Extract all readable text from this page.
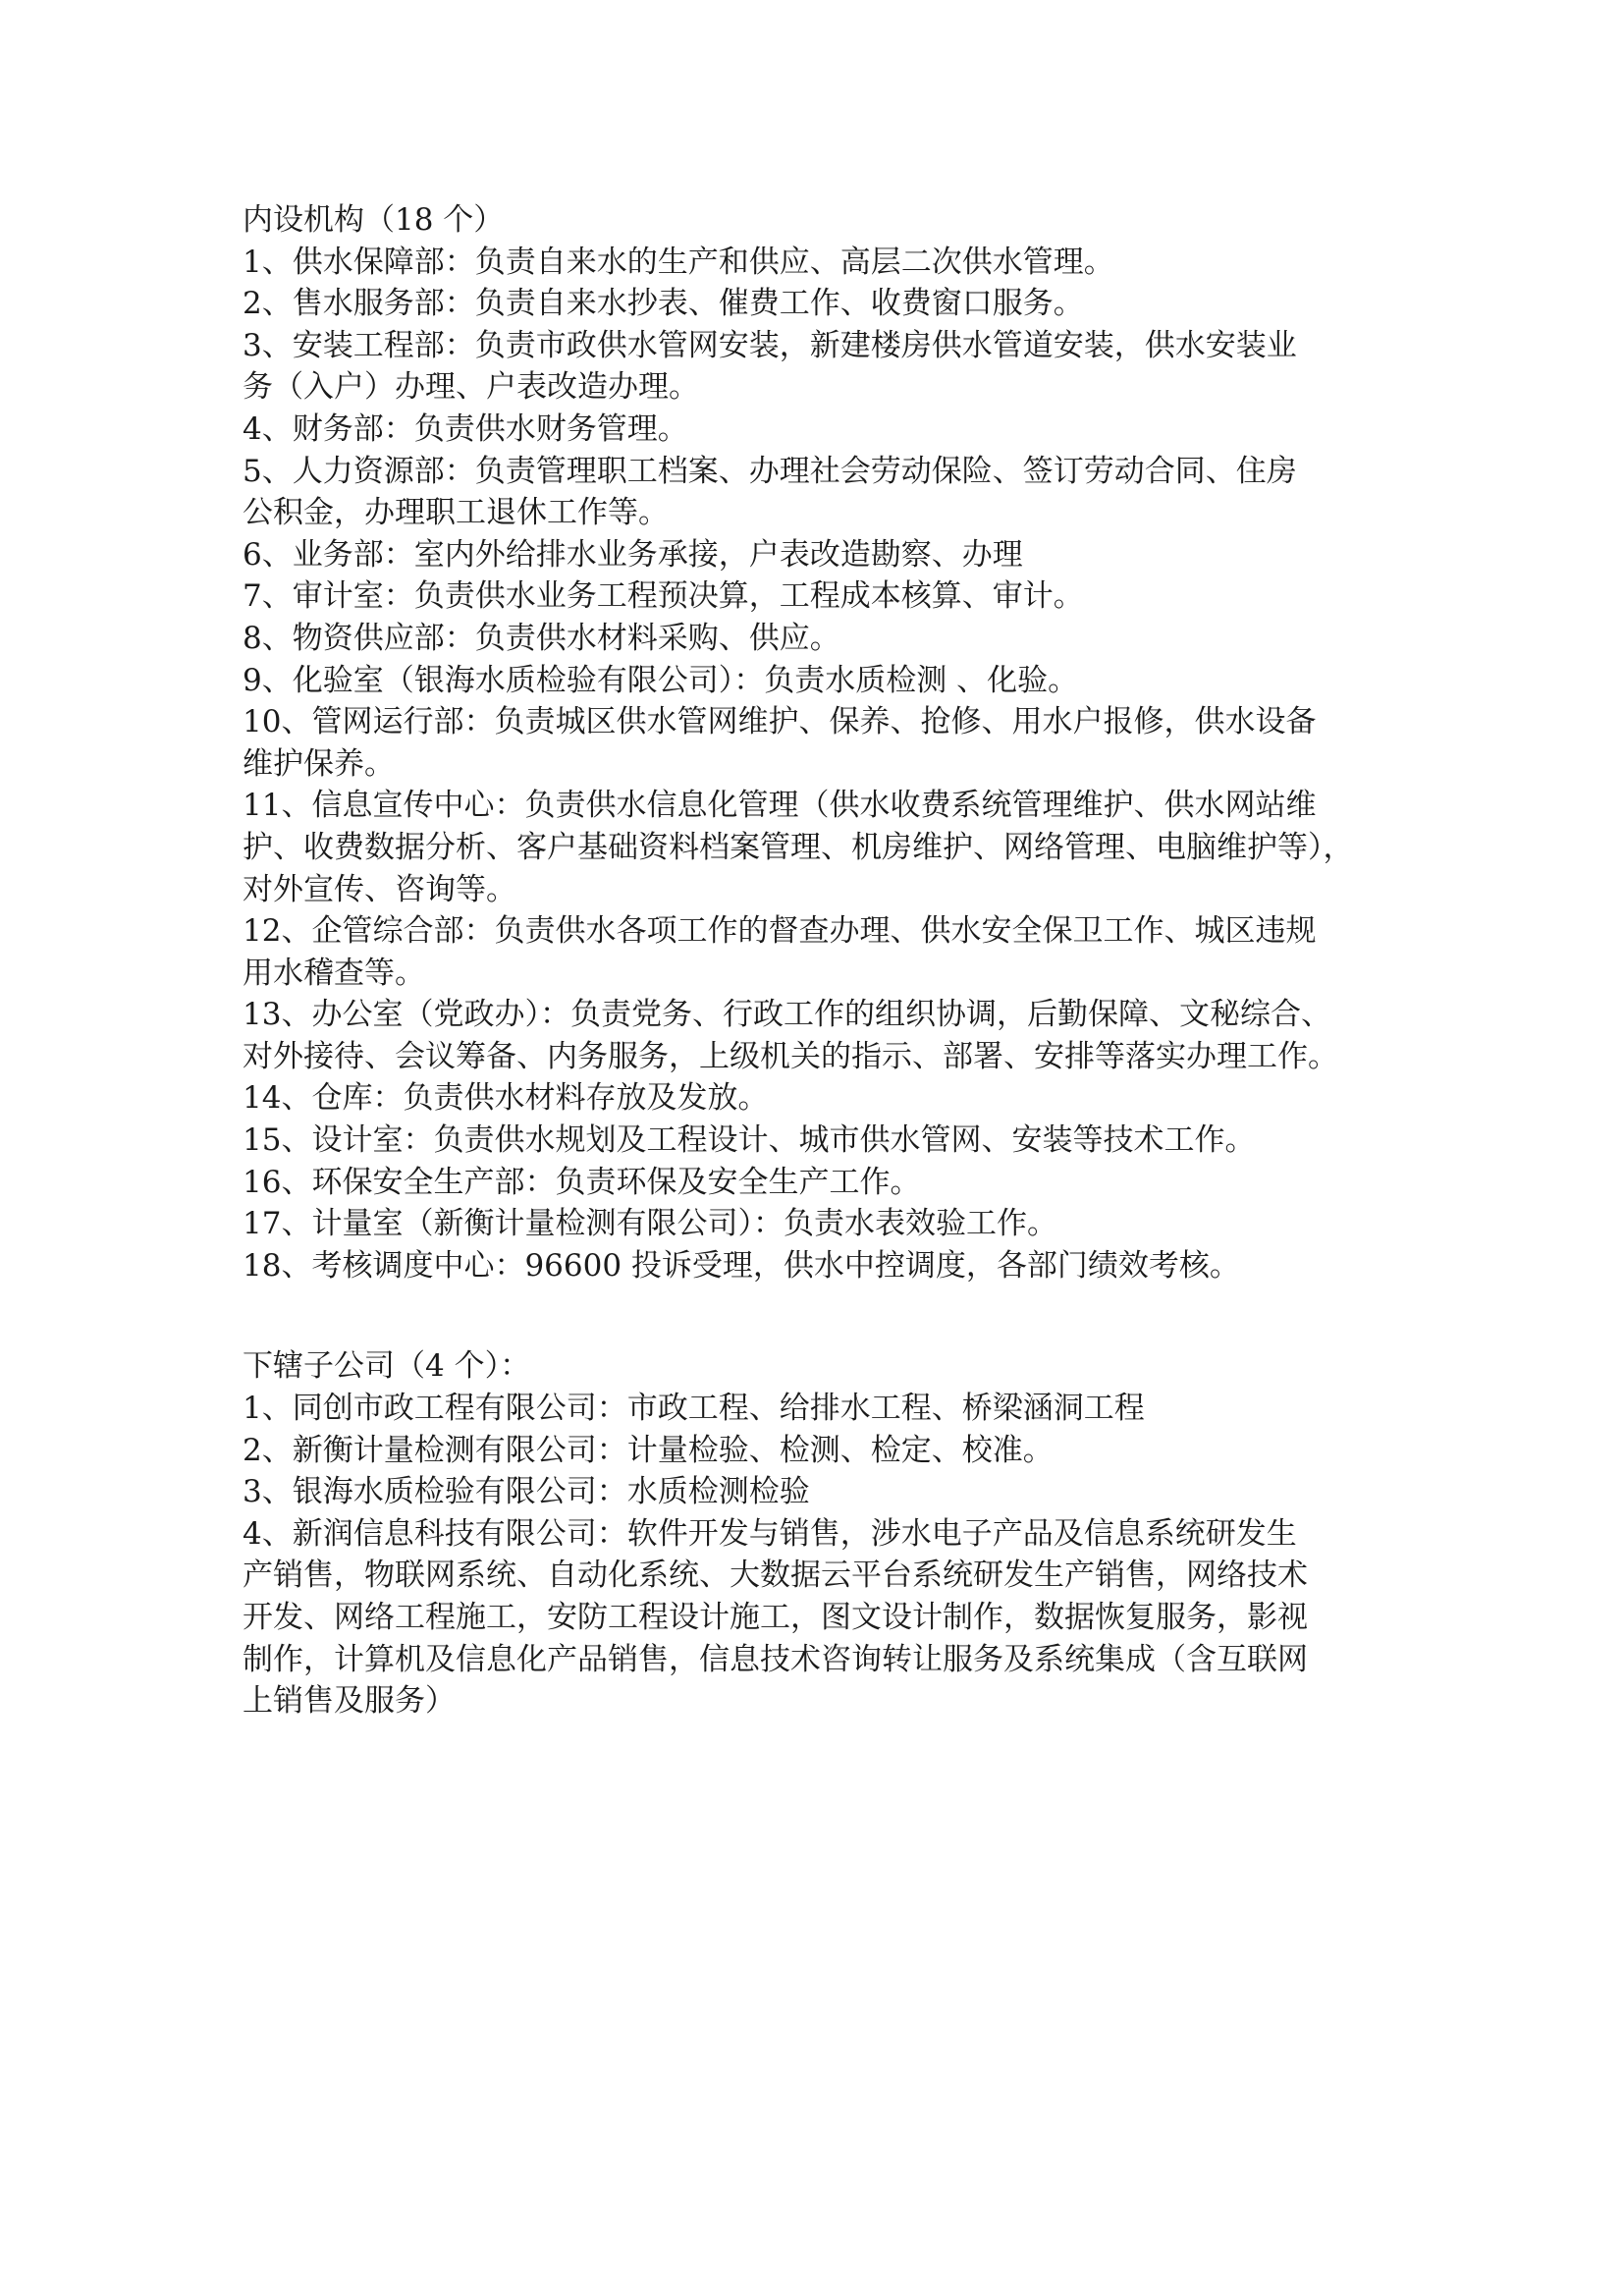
内设机构（18 个）
1、供水保障部：负责自来水的生产和供应、高层二次供水管理。
2、售水服务部：负责自来水抄表、催费工作、收费窗口服务。
3、安装工程部：负责市政供水管网安装，新建楼房供水管道安装，供水安装业
务（入户）办理、户表改造办理。
4、财务部：负责供水财务管理。
5、人力资源部：负责管理职工档案、办理社会劳动保险、签订劳动合同、住房
公积金，办理职工退休工作等。
6、业务部：室内外给排水业务承接，户表改造勘察、办理
7、审计室：负责供水业务工程预决算，工程成本核算、审计。
8、物资供应部：负责供水材料采购、供应。
9、化验室（银海水质检验有限公司）：负责水质检测 、化验。
10、管网运行部：负责城区供水管网维护、保养、抢修、用水户报修，供水设备
维护保养。
11、信息宣传中心：负责供水信息化管理（供水收费系统管理维护、供水网站维
护、收费数据分析、客户基础资料档案管理、机房维护、网络管理、电脑维护等），
对外宣传、咨询等。
12、企管综合部：负责供水各项工作的督查办理、供水安全保卫工作、城区违规
用水稽查等。
13、办公室（党政办）：负责党务、行政工作的组织协调，后勤保障、文秘综合、
对外接待、会议筹备、内务服务，上级机关的指示、部署、安排等落实办理工作。
14、仓库：负责供水材料存放及发放。
15、设计室：负责供水规划及工程设计、城市供水管网、安装等技术工作。
16、环保安全生产部：负责环保及安全生产工作。
17、计量室（新衡计量检测有限公司）：负责水表效验工作。
18、考核调度中心：96600 投诉受理，供水中控调度，各部门绩效考核。
下辖子公司（4 个）：
1、同创市政工程有限公司：市政工程、给排水工程、桥梁涵洞工程
2、新衡计量检测有限公司：计量检验、检测、检定、校准。
3、银海水质检验有限公司：水质检测检验
4、新润信息科技有限公司：软件开发与销售，涉水电子产品及信息系统研发生
产销售，物联网系统、自动化系统、大数据云平台系统研发生产销售，网络技术
开发、网络工程施工，安防工程设计施工，图文设计制作，数据恢复服务，影视
制作，计算机及信息化产品销售，信息技术咨询转让服务及系统集成（含互联网
上销售及服务）
